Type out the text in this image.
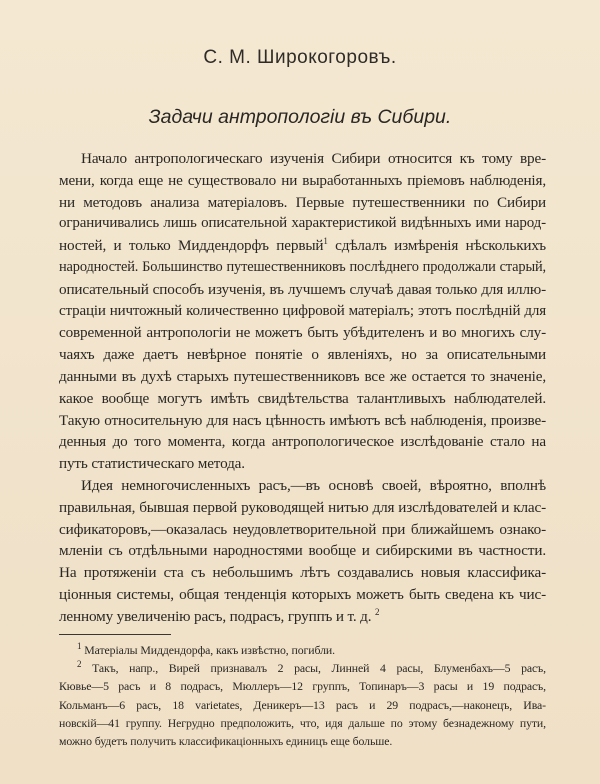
С. М. Широкогоровъ.
Задачи антропологіи въ Сибири.
Начало антропологическаго изученія Сибири относится къ тому вре-
мени, когда еще не существовало ни выработанныхъ пріемовъ наблюденія,
ни методовъ анализа матеріаловъ. Первые путешественники по Сибири
ограничивались лишь описательной характеристикой видѣнныхъ ими народ-
ностей, и только Миддендорфъ первый$^1$ сдѣлалъ измѣренія нѣсколькихъ
народностей. Большинство путешественниковъ послѣднего продолжали старый,
описательный способъ изученія, въ лучшемъ случаѣ давая только для иллю-
страціи ничтожный количественно цифровой матеріалъ; этотъ послѣдній для
современной антропологіи не можетъ быть убѣдителенъ и во многихъ слу-
чаяхъ даже даетъ невѣрное понятіе о явленіяхъ, но за описательными
данными въ духѣ старыхъ путешественниковъ все же остается то значеніе,
какое вообще могутъ имѣть свидѣтельства талантливыхъ наблюдателей.
Такую относительную для насъ цѣнность имѣютъ всѣ наблюденія, произве-
денныя до того момента, когда антропологическое изслѣдованіе стало на
путь статистическаго метода.
Идея немногочисленныхъ расъ,—въ основѣ своей, вѣроятно, вполнѣ
правильная, бывшая первой руководящей нитью для изслѣдователей и клас-
сификаторовъ,—оказалась неудовлетворительной при ближайшемъ ознако-
мленіи съ отдѣльными народностями вообще и сибирскими въ частности.
На протяженіи ста съ небольшимъ лѣтъ создавались новыя классифика-
ціонныя системы, общая тенденція которыхъ можетъ быть сведена къ чис-
ленному увеличенію расъ, подрасъ, группъ и т. д. $^2$
$^1$ Матеріалы Миддендорфа, какъ извѣстно, погибли.
$^2$ Такъ, напр., Вирей признавалъ 2 расы, Линней 4 расы, Блуменбахъ—5 расъ,
Кювье—5 расъ и 8 подрасъ, Мюллеръ—12 группъ, Топинаръ—3 расы и 19 подрасъ,
Кольманъ—6 расъ, 18 varietates, Деникеръ—13 расъ и 29 подрасъ,—наконецъ, Ива-
новскій—41 группу. Негрудно предположить, что, идя дальше по этому безнадежному пути,
можно будетъ получить классификаціонныхъ единицъ еще больше.
